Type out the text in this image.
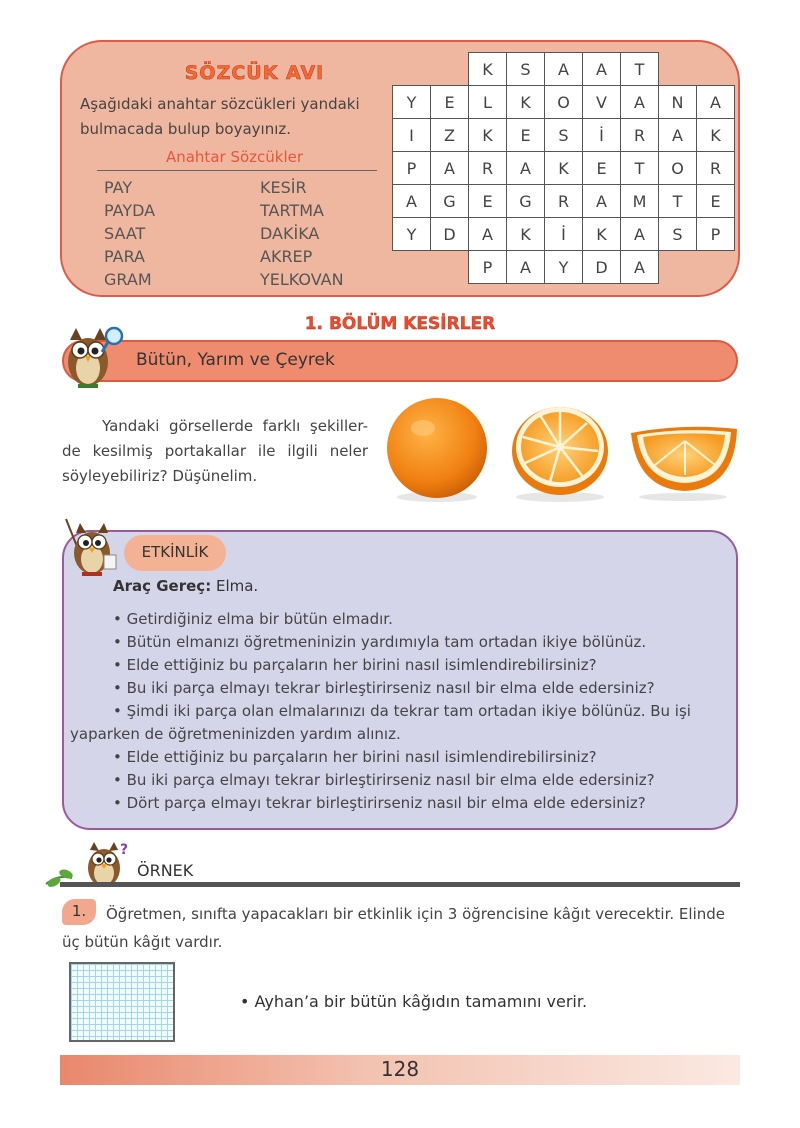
SÖZCÜK AVI
Aşağıdaki anahtar sözcükleri yandaki bulmacada bulup boyayınız.
Anahtar Sözcükler
PAY
PAYDA
SAAT
PARA
GRAM
KESİR
TARTMA
DAKİKA
AKREP
YELKOVAN
		K	S	A	A	T		
Y	E	L	K	O	V	A	N	A
I	Z	K	E	S	İ	R	A	K
P	A	R	A	K	E	T	O	R
A	G	E	G	R	A	M	T	E
Y	D	A	K	İ	K	A	S	P
		P	A	Y	D	A		
1. BÖLÜM KESİRLER
Bütün, Yarım ve Çeyrek
Yandaki görsellerde farklı şekiller-de kesilmiş portakallar ile ilgili neler söyleyebiliriz? Düşünelim.
ETKİNLİK
Araç Gereç: Elma.
• Getirdiğiniz elma bir bütün elmadır.
• Bütün elmanızı öğretmeninizin yardımıyla tam ortadan ikiye bölünüz.
• Elde ettiğiniz bu parçaların her birini nasıl isimlendirebilirsiniz?
• Bu iki parça elmayı tekrar birleştirirseniz nasıl bir elma elde edersiniz?
• Şimdi iki parça olan elmalarınızı da tekrar tam ortadan ikiye bölünüz. Bu işi
yaparken de öğretmeninizden yardım alınız.
• Elde ettiğiniz bu parçaların her birini nasıl isimlendirebilirsiniz?
• Bu iki parça elmayı tekrar birleştirirseniz nasıl bir elma elde edersiniz?
• Dört parça elmayı tekrar birleştirirseniz nasıl bir elma elde edersiniz?
?
ÖRNEK
Öğretmen, sınıfta yapacakları bir etkinlik için 3 öğrencisine kâğıt verecektir. Elinde üç bütün kâğıt vardır.
1.
• Ayhan’a bir bütün kâğıdın tamamını verir.
128
